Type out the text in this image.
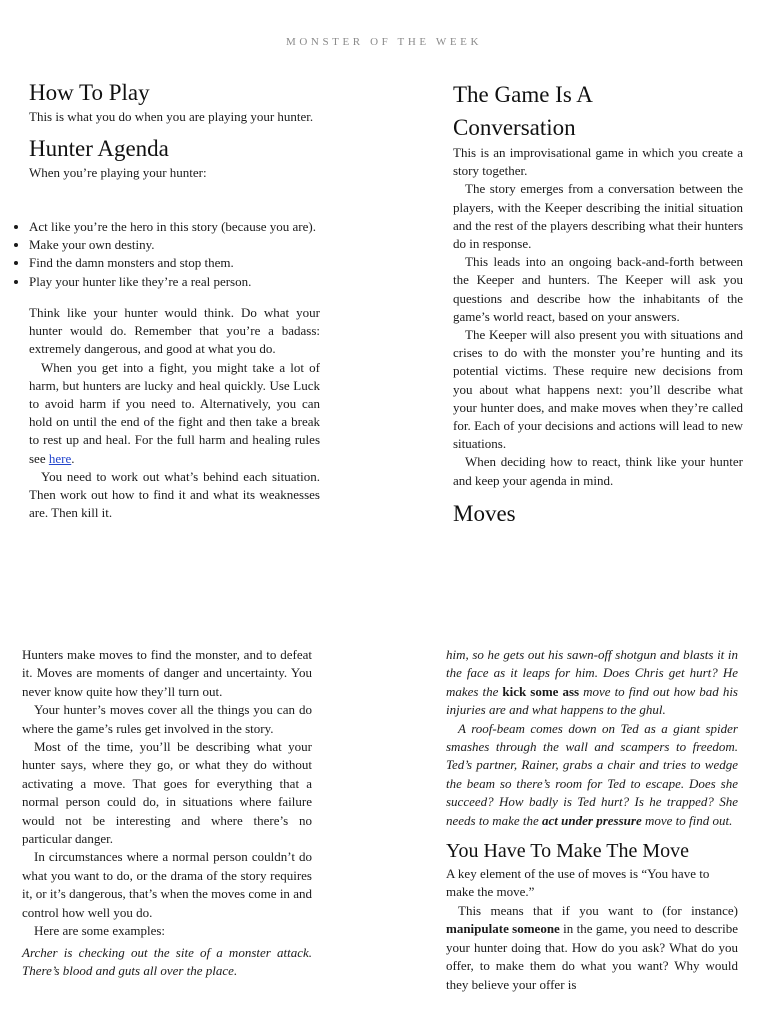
MONSTER OF THE WEEK
How To Play

This is what you do when you are playing your hunter.

Hunter Agenda

When you’re playing your hunter:

• Act like you’re the hero in this story (because you are).
• Make your own destiny.
• Find the damn monsters and stop them.
• Play your hunter like they’re a real person.

Think like your hunter would think. Do what your hunter would do. Remember that you’re a badass: extremely dangerous, and good at what you do.

When you get into a fight, you might take a lot of harm, but hunters are lucky and heal quickly. Use Luck to avoid harm if you need to. Alternatively, you can hold on until the end of the fight and then take a break to rest up and heal. For the full harm and healing rules see here.

You need to work out what’s behind each situation. Then work out how to find it and what its weaknesses are. Then kill it.

The Game Is A Conversation

This is an improvisational game in which you create a story together.

The story emerges from a conversation between the players, with the Keeper describing the initial situation and the rest of the players describing what their hunters do in response.

This leads into an ongoing back-and-forth between the Keeper and hunters. The Keeper will ask you questions and describe how the inhabitants of the game’s world react, based on your answers.

The Keeper will also present you with situations and crises to do with the monster you’re hunting and its potential victims. These require new decisions from you about what happens next: you’ll describe what your hunter does, and make moves when they’re called for. Each of your decisions and actions will lead to new situations.

When deciding how to react, think like your hunter and keep your agenda in mind.

Moves

Hunters make moves to find the monster, and to defeat it. Moves are moments of danger and uncertainty. You never know quite how they’ll turn out.

Your hunter’s moves cover all the things you can do where the game’s rules get involved in the story.

Most of the time, you’ll be describing what your hunter says, where they go, or what they do without activating a move. That goes for everything that a normal person could do, in situations where failure would not be interesting and where there’s no particular danger.

In circumstances where a normal person couldn’t do what you want to do, or the drama of the story requires it, or it’s dangerous, that’s when the moves come in and control how well you do.

Here are some examples:

Archer is checking out the site of a monster attack. There’s blood and guts all over the place.

him, so he gets out his sawn-off shotgun and blasts it in the face as it leaps for him. Does Chris get hurt? He makes the kick some ass move to find out how bad his injuries are and what happens to the ghul.

A roof-beam comes down on Ted as a giant spider smashes through the wall and scampers to freedom. Ted’s partner, Rainer, grabs a chair and tries to wedge the beam so there’s room for Ted to escape. Does she succeed? How badly is Ted hurt? Is he trapped? She needs to make the act under pressure move to find out.

You Have To Make The Move

A key element of the use of moves is “You have to make the move.”

This means that if you want to (for instance) manipulate someone in the game, you need to describe your hunter doing that. How do you ask? What do you offer, to make them do what you want? Why would they believe your offer is
